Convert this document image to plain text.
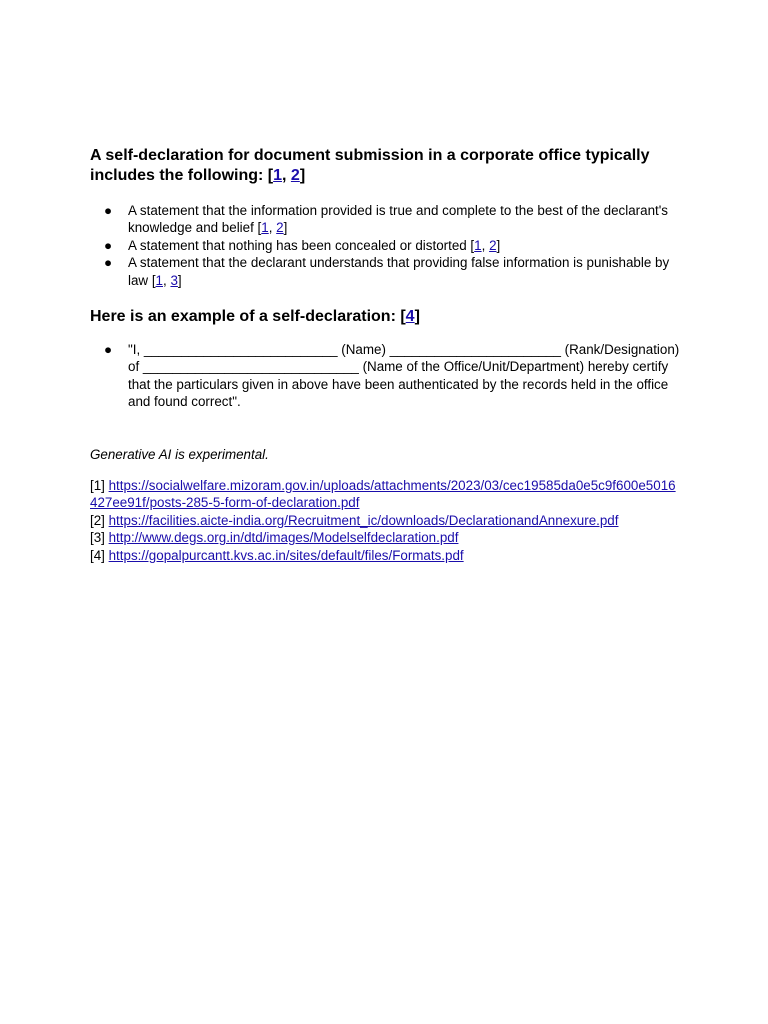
A self-declaration for document submission in a corporate office typically includes the following: [1, 2]

● A statement that the information provided is true and complete to the best of the declarant's knowledge and belief [1, 2]
● A statement that nothing has been concealed or distorted [1, 2]
● A statement that the declarant understands that providing false information is punishable by law [1, 3]

Here is an example of a self-declaration: [4]

● "I, __________________________ (Name) _______________________ (Rank/Designation) of _____________________________ (Name of the Office/Unit/Department) hereby certify that the particulars given in above have been authenticated by the records held in the office and found correct".

Generative AI is experimental.

[1] https://socialwelfare.mizoram.gov.in/uploads/attachments/2023/03/cec19585da0e5c9f600e5016427ee91f/posts-285-5-form-of-declaration.pdf
[2] https://facilities.aicte-india.org/Recruitment_ic/downloads/DeclarationandAnnexure.pdf
[3] http://www.degs.org.in/dtd/images/Modelselfdeclaration.pdf
[4] https://gopalpurcantt.kvs.ac.in/sites/default/files/Formats.pdf
